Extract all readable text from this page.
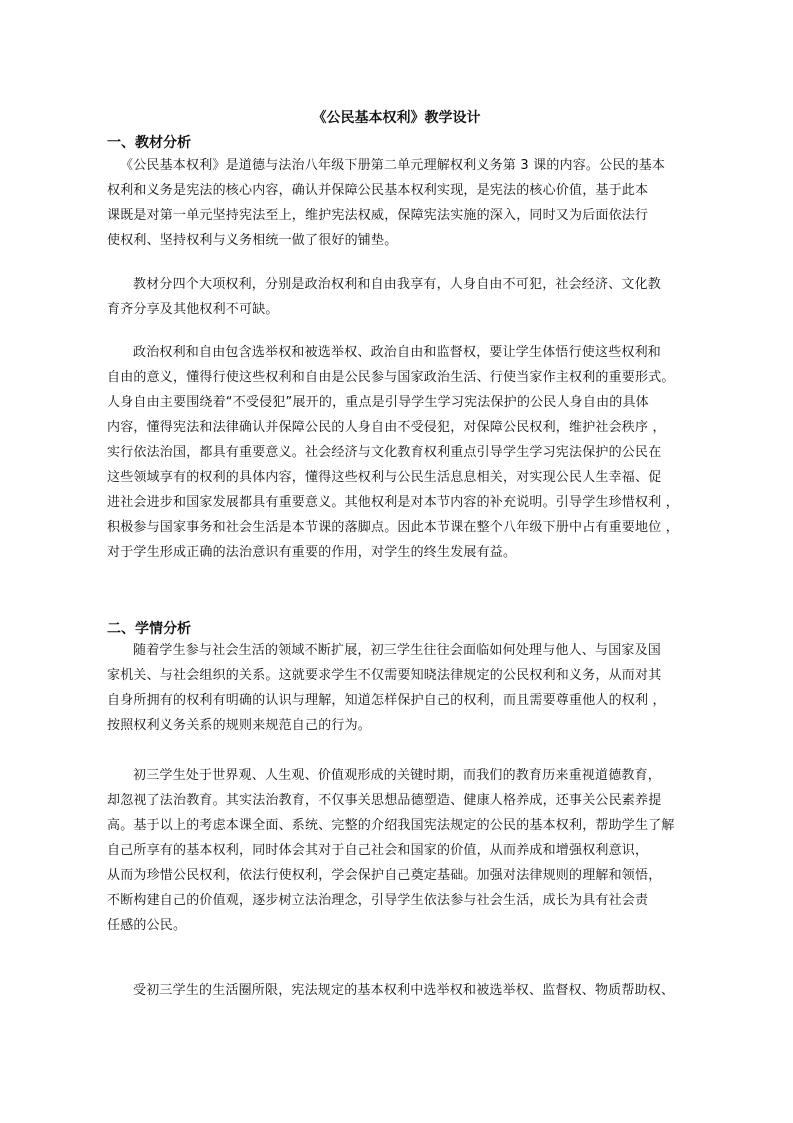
《公民基本权利》教学设计
一、教材分析

《公民基本权利》是道德与法治八年级下册第二单元理解权利义务第 3 课的内容。公民的基本
权利和义务是宪法的核心内容，确认并保障公民基本权利实现，是宪法的核心价值，基于此本
课既是对第一单元坚持宪法至上，维护宪法权威，保障宪法实施的深入，同时又为后面依法行
使权利、坚持权利与义务相统一做了很好的铺垫。

教材分四个大项权利，分别是政治权利和自由我享有，人身自由不可犯，社会经济、文化教
育齐分享及其他权利不可缺。

政治权利和自由包含选举权和被选举权、政治自由和监督权，要让学生体悟行使这些权利和
自由的意义，懂得行使这些权利和自由是公民参与国家政治生活、行使当家作主权利的重要形式。
人身自由主要围绕着“不受侵犯”展开的，重点是引导学生学习宪法保护的公民人身自由的具体
内容，懂得宪法和法律确认并保障公民的人身自由不受侵犯，对保障公民权利，维护社会秩序 ，
实行依法治国，都具有重要意义。社会经济与文化教育权利重点引导学生学习宪法保护的公民在
这些领域享有的权利的具体内容，懂得这些权利与公民生活息息相关，对实现公民人生幸福、促
进社会进步和国家发展都具有重要意义。其他权利是对本节内容的补充说明。引导学生珍惜权利 ，
积极参与国家事务和社会生活是本节课的落脚点。因此本节课在整个八年级下册中占有重要地位 ，
对于学生形成正确的法治意识有重要的作用，对学生的终生发展有益。

二、学情分析

随着学生参与社会生活的领域不断扩展，初三学生往往会面临如何处理与他人、与国家及国
家机关、与社会组织的关系。这就要求学生不仅需要知晓法律规定的公民权利和义务，从而对其
自身所拥有的权利有明确的认识与理解，知道怎样保护自己的权利，而且需要尊重他人的权利 ，
按照权利义务关系的规则来规范自己的行为。

初三学生处于世界观、人生观、价值观形成的关键时期，而我们的教育历来重视道德教育，
却忽视了法治教育。其实法治教育，不仅事关思想品德塑造、健康人格养成，还事关公民素养提
高。基于以上的考虑本课全面、系统、完整的介绍我国宪法规定的公民的基本权利，帮助学生了解
自己所享有的基本权利，同时体会其对于自己社会和国家的价值，从而养成和增强权利意识，
从而为珍惜公民权利，依法行使权利，学会保护自己奠定基础。加强对法律规则的理解和领悟，
不断构建自己的价值观，逐步树立法治理念，引导学生依法参与社会生活，成长为具有社会责
任感的公民。

受初三学生的生活圈所限，宪法规定的基本权利中选举权和被选举权、监督权、物质帮助权、
